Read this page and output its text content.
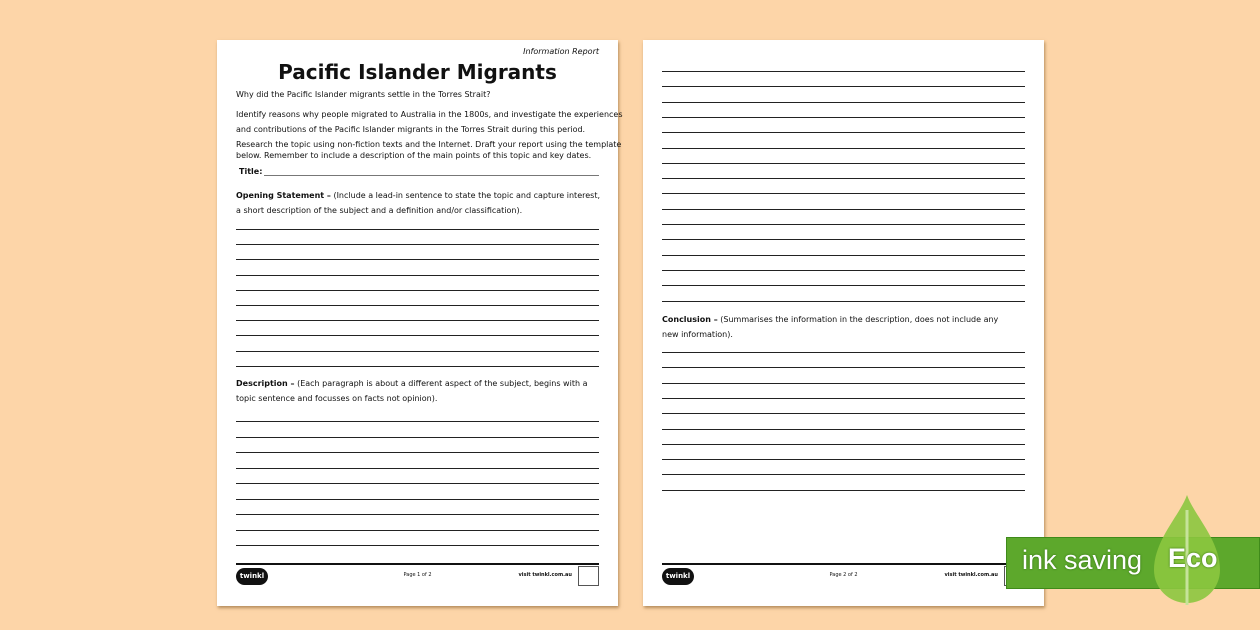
Information Report
Pacific Islander Migrants
Why did the Pacific Islander migrants settle in the Torres Strait?
Identify reasons why people migrated to Australia in the 1800s, and investigate the experiences
and contributions of the Pacific Islander migrants in the Torres Strait during this period.
Research the topic using non-fiction texts and the Internet. Draft your report using the template
below. Remember to include a description of the main points of this topic and key dates.
Title:
Opening Statement – (Include a lead-in sentence to state the topic and capture interest,
a short description of the subject and a definition and/or classification).
Description – (Each paragraph is about a different aspect of the subject, begins with a
topic sentence and focusses on facts not opinion).
twinkl	Page 1 of 2	visit twinkl.com.au
Conclusion – (Summarises the information in the description, does not include any
new information).
twinkl	Page 2 of 2	visit twinkl.com.au ink saving Eco
